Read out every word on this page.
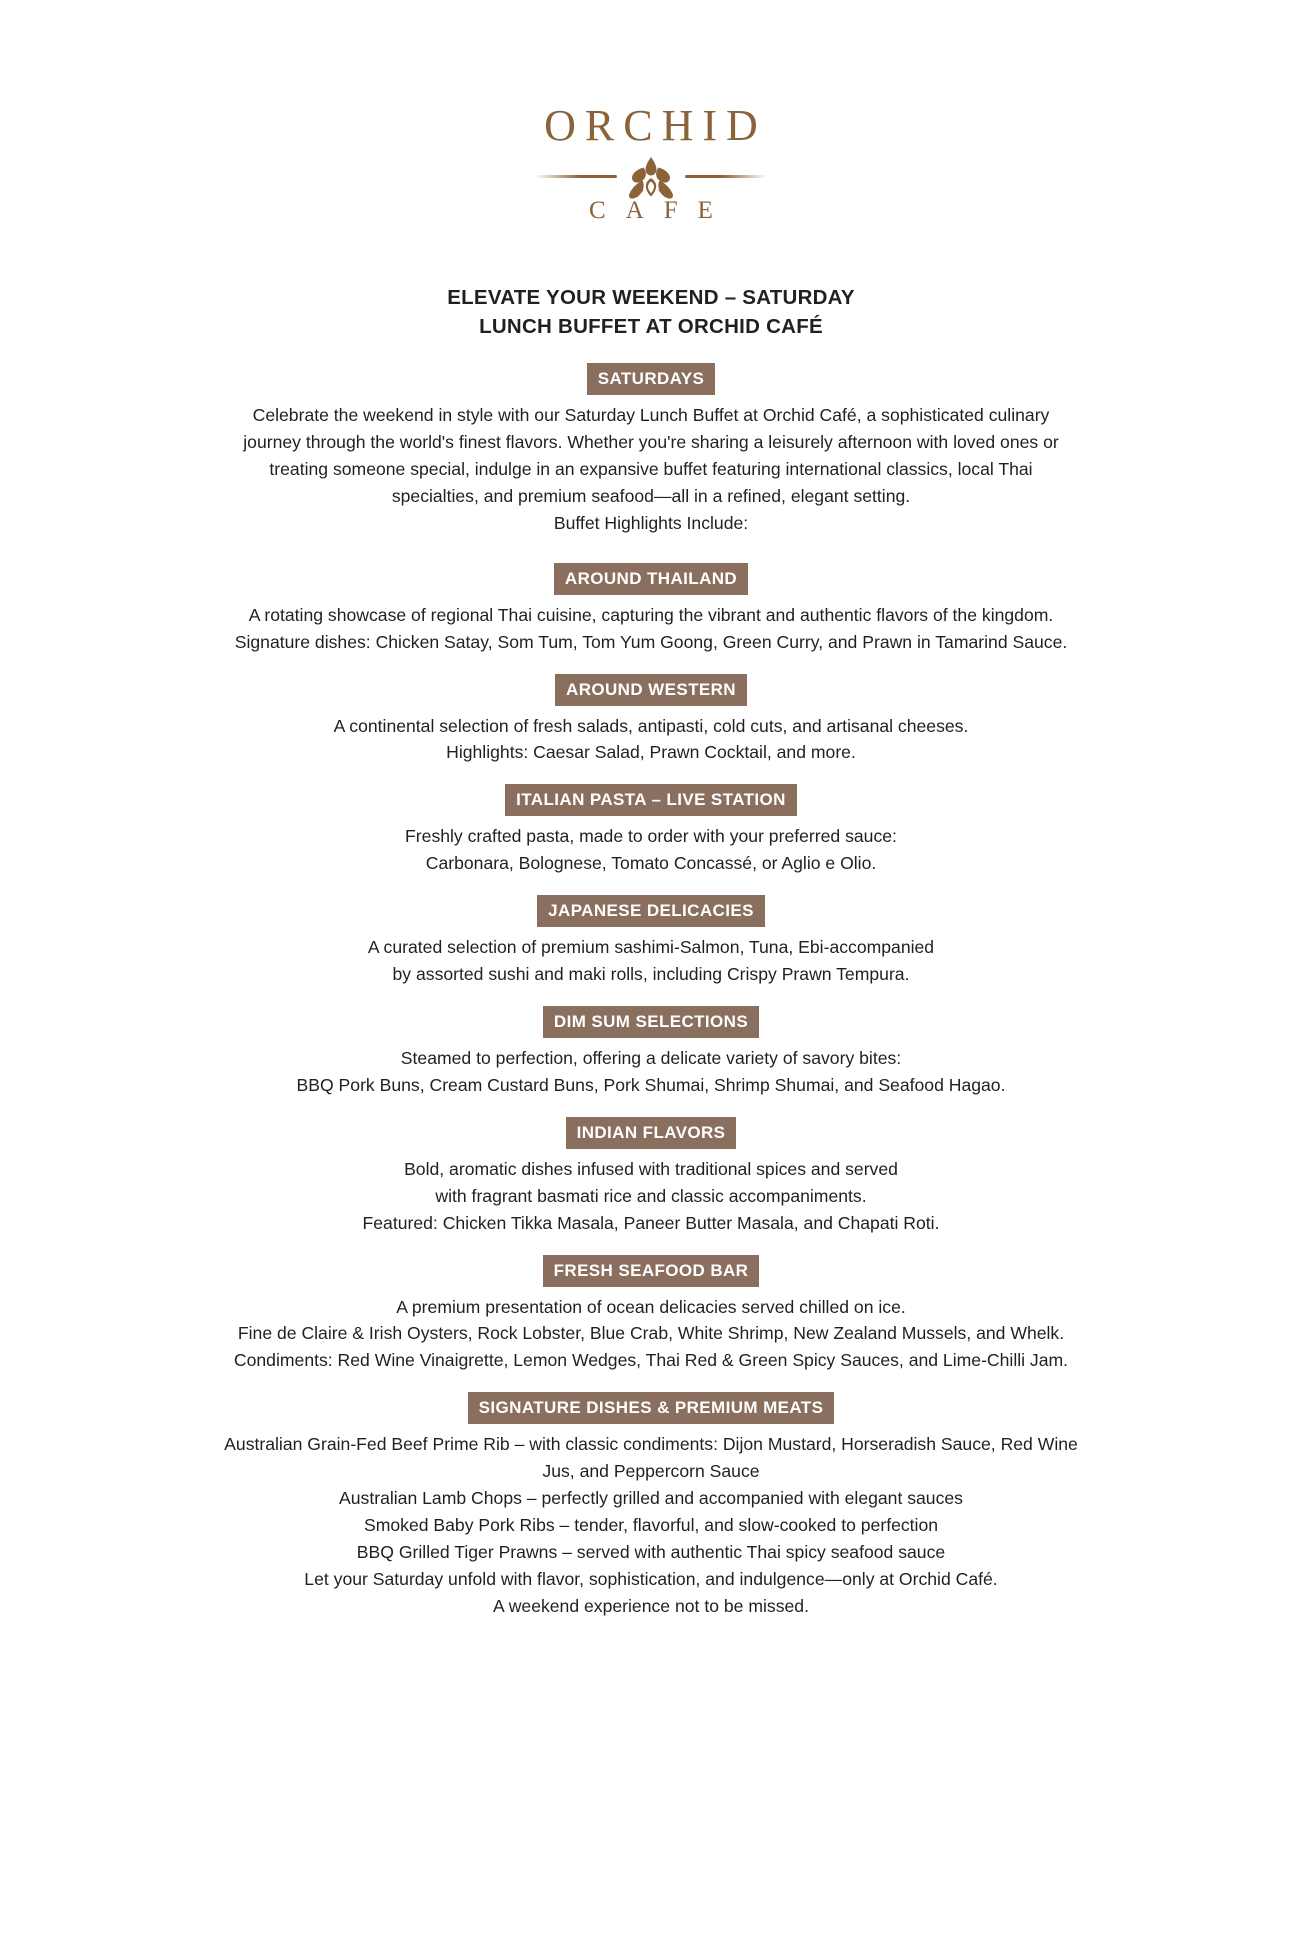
ORCHID
CAFE
ELEVATE YOUR WEEKEND – SATURDAY
LUNCH BUFFET AT ORCHID CAFÉ
SATURDAYS
Celebrate the weekend in style with our Saturday Lunch Buffet at Orchid Café, a sophisticated culinary
journey through the world's finest flavors. Whether you're sharing a leisurely afternoon with loved ones or
treating someone special, indulge in an expansive buffet featuring international classics, local Thai
specialties, and premium seafood—all in a refined, elegant setting.
Buffet Highlights Include:
AROUND THAILAND
A rotating showcase of regional Thai cuisine, capturing the vibrant and authentic flavors of the kingdom.
Signature dishes: Chicken Satay, Som Tum, Tom Yum Goong, Green Curry, and Prawn in Tamarind Sauce.
AROUND WESTERN
A continental selection of fresh salads, antipasti, cold cuts, and artisanal cheeses.
Highlights: Caesar Salad, Prawn Cocktail, and more.
ITALIAN PASTA – LIVE STATION
Freshly crafted pasta, made to order with your preferred sauce:
Carbonara, Bolognese, Tomato Concassé, or Aglio e Olio.
JAPANESE DELICACIES
A curated selection of premium sashimi-Salmon, Tuna, Ebi-accompanied
by assorted sushi and maki rolls, including Crispy Prawn Tempura.
DIM SUM SELECTIONS
Steamed to perfection, offering a delicate variety of savory bites:
BBQ Pork Buns, Cream Custard Buns, Pork Shumai, Shrimp Shumai, and Seafood Hagao.
INDIAN FLAVORS
Bold, aromatic dishes infused with traditional spices and served
with fragrant basmati rice and classic accompaniments.
Featured: Chicken Tikka Masala, Paneer Butter Masala, and Chapati Roti.
FRESH SEAFOOD BAR
A premium presentation of ocean delicacies served chilled on ice.
Fine de Claire & Irish Oysters, Rock Lobster, Blue Crab, White Shrimp, New Zealand Mussels, and Whelk.
Condiments: Red Wine Vinaigrette, Lemon Wedges, Thai Red & Green Spicy Sauces, and Lime-Chilli Jam.
SIGNATURE DISHES & PREMIUM MEATS
Australian Grain-Fed Beef Prime Rib – with classic condiments: Dijon Mustard, Horseradish Sauce, Red Wine
Jus, and Peppercorn Sauce
Australian Lamb Chops – perfectly grilled and accompanied with elegant sauces
Smoked Baby Pork Ribs – tender, flavorful, and slow-cooked to perfection
BBQ Grilled Tiger Prawns – served with authentic Thai spicy seafood sauce
Let your Saturday unfold with flavor, sophistication, and indulgence—only at Orchid Café.
A weekend experience not to be missed.
